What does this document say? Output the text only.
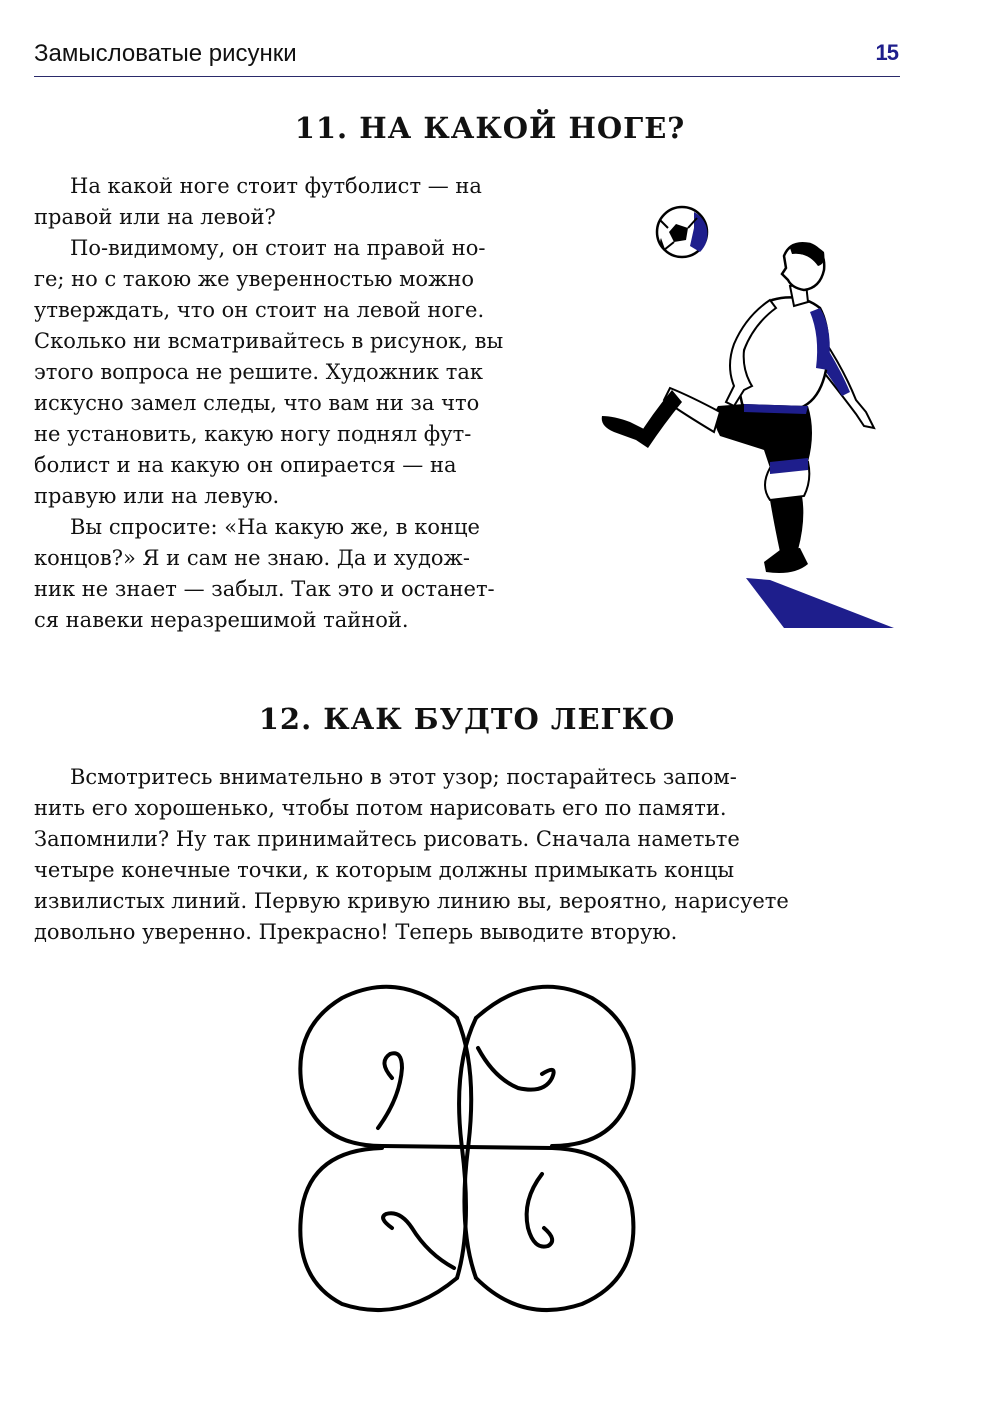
Замысловатые рисунки	15
11. НА КАКОЙ НОГЕ?

На какой ноге стоит футболист — на
правой или на левой?

По-видимому, он стоит на правой но-
ге; но с такою же уверенностью можно
утверждать, что он стоит на левой ноге.
Сколько ни всматривайтесь в рисунок, вы
этого вопроса не решите. Художник так
искусно замел следы, что вам ни за что
не установить, какую ногу поднял фут-
болист и на какую он опирается — на
правую или на левую.

Вы спросите: «На какую же, в конце
концов?» Я и сам не знаю. Да и худож-
ник не знает — забыл. Так это и останет-
ся навеки неразрешимой тайной.

12. КАК БУДТО ЛЕГКО

Всмотритесь внимательно в этот узор; постарайтесь запом-
нить его хорошенько, чтобы потом нарисовать его по памяти.
Запомнили? Ну так принимайтесь рисовать. Сначала наметьте
четыре конечные точки, к которым должны примыкать концы
извилистых линий. Первую кривую линию вы, вероятно, нарисуете
довольно уверенно. Прекрасно! Теперь выводите вторую.
